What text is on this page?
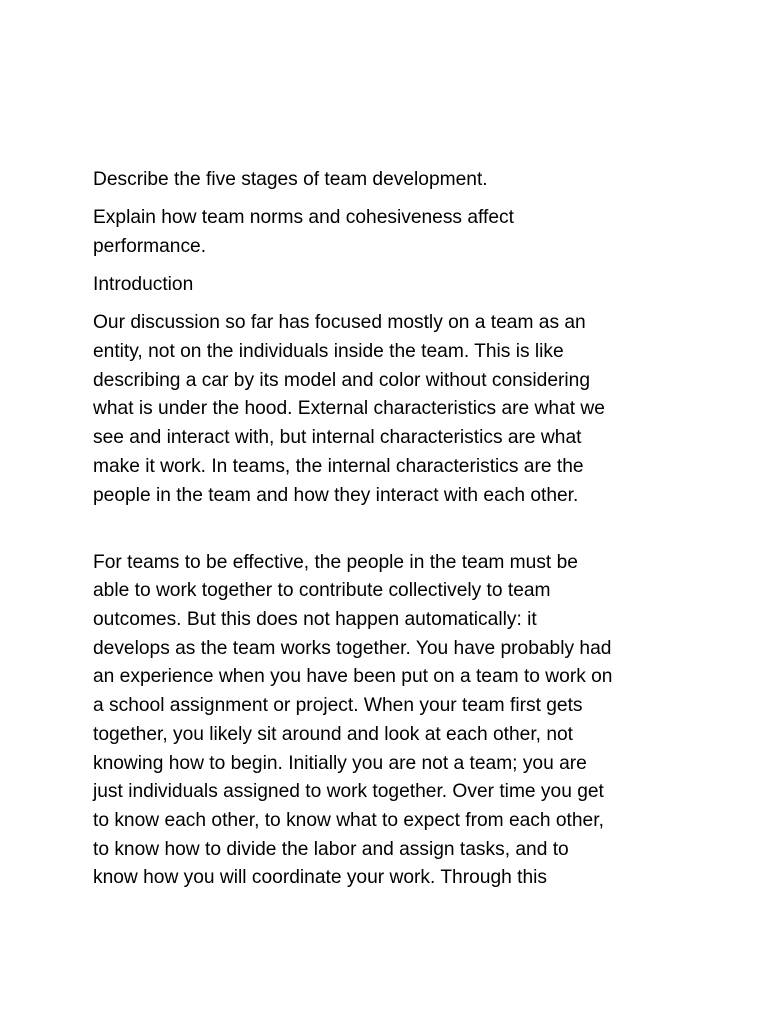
Describe the five stages of team development.

Explain how team norms and cohesiveness affect
performance.

Introduction

Our discussion so far has focused mostly on a team as an
entity, not on the individuals inside the team. This is like
describing a car by its model and color without considering
what is under the hood. External characteristics are what we
see and interact with, but internal characteristics are what
make it work. In teams, the internal characteristics are the
people in the team and how they interact with each other.

For teams to be effective, the people in the team must be
able to work together to contribute collectively to team
outcomes. But this does not happen automatically: it
develops as the team works together. You have probably had
an experience when you have been put on a team to work on
a school assignment or project. When your team first gets
together, you likely sit around and look at each other, not
knowing how to begin. Initially you are not a team; you are
just individuals assigned to work together. Over time you get
to know each other, to know what to expect from each other,
to know how to divide the labor and assign tasks, and to
know how you will coordinate your work. Through this
